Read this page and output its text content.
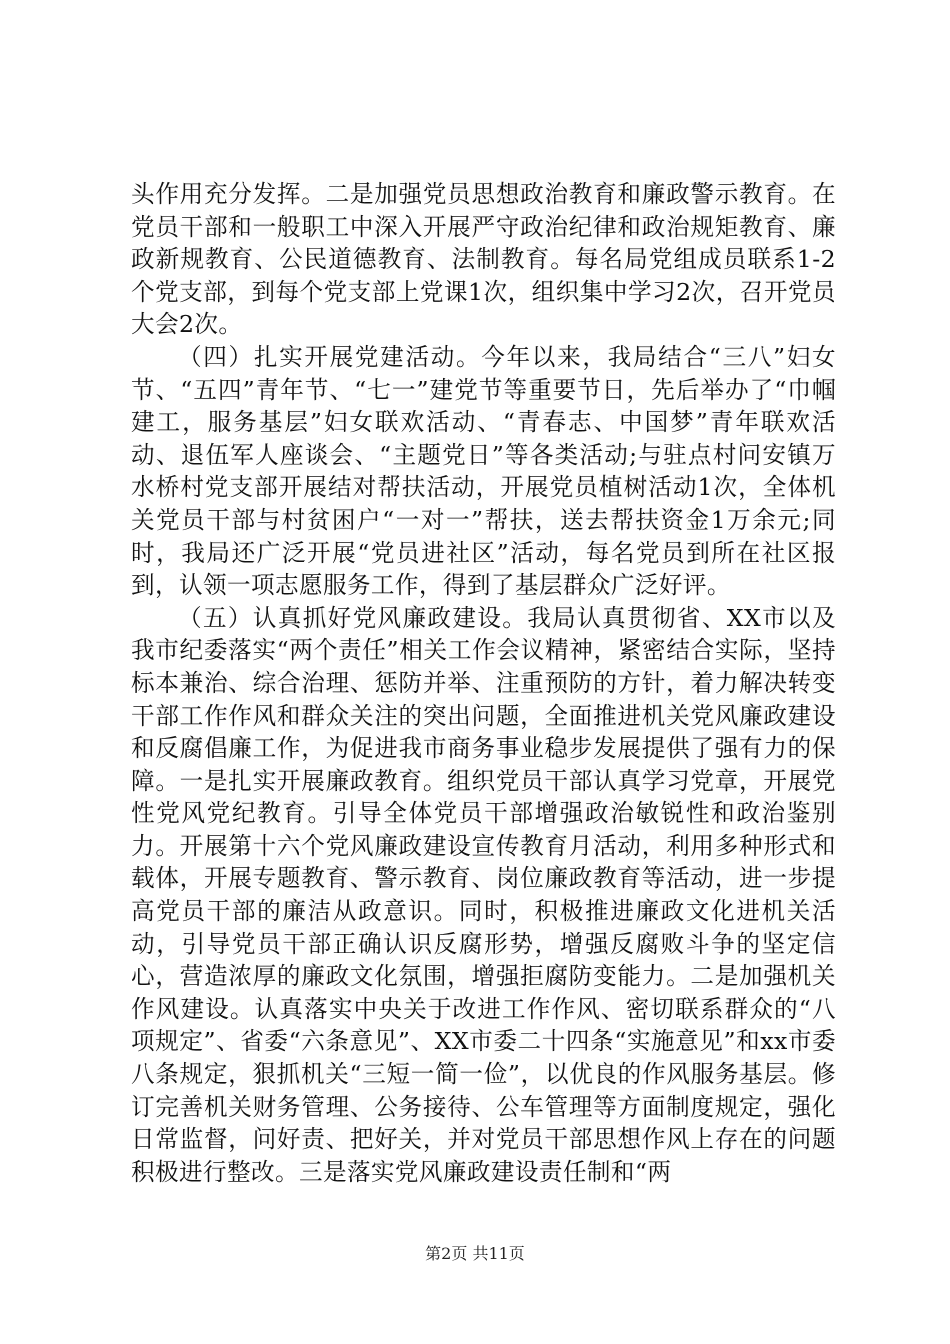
头作用充分发挥。二是加强党员思想政治教育和廉政警示教育。在党员干部和一般职工中深入开展严守政治纪律和政治规矩教育、廉政新规教育、公民道德教育、法制教育。每名局党组成员联系1-2个党支部，到每个党支部上党课1次，组织集中学习2次，召开党员大会2次。

（四）扎实开展党建活动。今年以来，我局结合“三八”妇女节、“五四”青年节、“七一”建党节等重要节日，先后举办了“巾帼建工，服务基层”妇女联欢活动、“青春志、中国梦”青年联欢活动、退伍军人座谈会、“主题党日”等各类活动;与驻点村问安镇万水桥村党支部开展结对帮扶活动，开展党员植树活动1次，全体机关党员干部与村贫困户“一对一”帮扶，送去帮扶资金1万余元;同时，我局还广泛开展“党员进社区”活动，每名党员到所在社区报到，认领一项志愿服务工作，得到了基层群众广泛好评。

（五）认真抓好党风廉政建设。我局认真贯彻省、XX市以及我市纪委落实“两个责任”相关工作会议精神，紧密结合实际，坚持标本兼治、综合治理、惩防并举、注重预防的方针，着力解决转变干部工作作风和群众关注的突出问题，全面推进机关党风廉政建设和反腐倡廉工作，为促进我市商务事业稳步发展提供了强有力的保障。一是扎实开展廉政教育。组织党员干部认真学习党章，开展党性党风党纪教育。引导全体党员干部增强政治敏锐性和政治鉴别力。开展第十六个党风廉政建设宣传教育月活动，利用多种形式和载体，开展专题教育、警示教育、岗位廉政教育等活动，进一步提高党员干部的廉洁从政意识。同时，积极推进廉政文化进机关活动，引导党员干部正确认识反腐形势，增强反腐败斗争的坚定信心，营造浓厚的廉政文化氛围，增强拒腐防变能力。二是加强机关作风建设。认真落实中央关于改进工作作风、密切联系群众的“八项规定”、省委“六条意见”、XX市委二十四条“实施意见”和xx市委八条规定，狠抓机关“三短一简一俭”，以优良的作风服务基层。修订完善机关财务管理、公务接待、公车管理等方面制度规定，强化日常监督，问好责、把好关，并对党员干部思想作风上存在的问题积极进行整改。三是落实党风廉政建设责任制和“两

第2页 共11页
